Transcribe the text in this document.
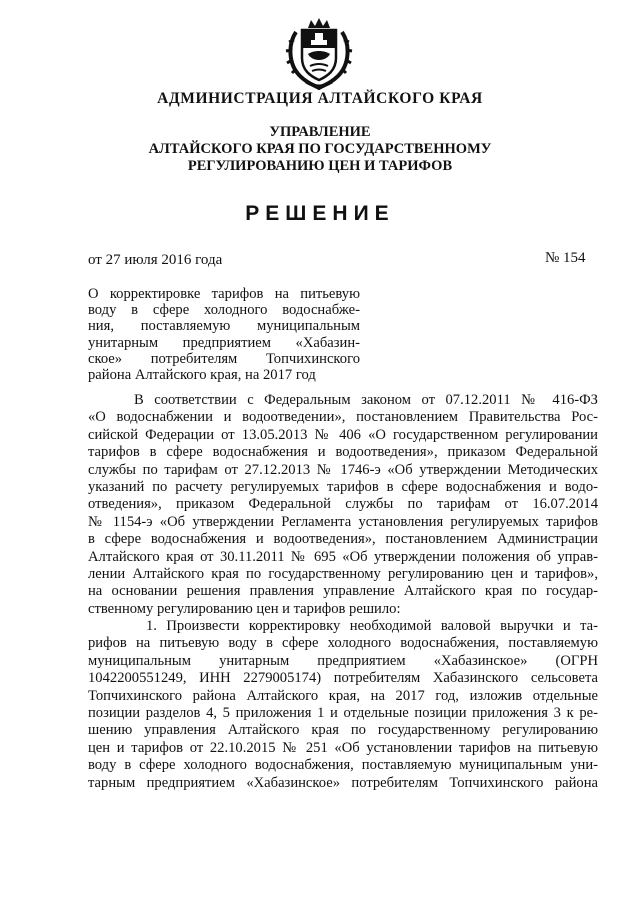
АДМИНИСТРАЦИЯ АЛТАЙСКОГО КРАЯ
УПРАВЛЕНИЕ
АЛТАЙСКОГО КРАЯ ПО ГОСУДАРСТВЕННОМУ
РЕГУЛИРОВАНИЮ ЦЕН И ТАРИФОВ
РЕШЕНИЕ
от 27 июля 2016 года	№ 154
О корректировке тарифов на питьевую
воду в сфере холодного водоснабже-
ния, поставляемую муниципальным
унитарным предприятием «Хабазин-
ское» потребителям Топчихинского
района Алтайского края, на 2017 год
В соответствии с Федеральным законом от 07.12.2011 № 416-ФЗ
«О водоснабжении и водоотведении», постановлением Правительства Рос-
сийской Федерации от 13.05.2013 № 406 «О государственном регулировании
тарифов в сфере водоснабжения и водоотведения», приказом Федеральной
службы по тарифам от 27.12.2013 № 1746-э «Об утверждении Методических
указаний по расчету регулируемых тарифов в сфере водоснабжения и водо-
отведения», приказом Федеральной службы по тарифам от 16.07.2014
№ 1154-э «Об утверждении Регламента установления регулируемых тарифов
в сфере водоснабжения и водоотведения», постановлением Администрации
Алтайского края от 30.11.2011 № 695 «Об утверждении положения об управ-
лении Алтайского края по государственному регулированию цен и тарифов»,
на основании решения правления управление Алтайского края по государ-
ственному регулированию цен и тарифов решило:
1. Произвести корректировку необходимой валовой выручки и та-
рифов на питьевую воду в сфере холодного водоснабжения, поставляемую
муниципальным унитарным предприятием «Хабазинское» (ОГРН
1042200551249, ИНН 2279005174) потребителям Хабазинского сельсовета
Топчихинского района Алтайского края, на 2017 год, изложив отдельные
позиции разделов 4, 5 приложения 1 и отдельные позиции приложения 3 к ре-
шению управления Алтайского края по государственному регулированию
цен и тарифов от 22.10.2015 № 251 «Об установлении тарифов на питьевую
воду в сфере холодного водоснабжения, поставляемую муниципальным уни-
тарным предприятием «Хабазинское» потребителям Топчихинского района
